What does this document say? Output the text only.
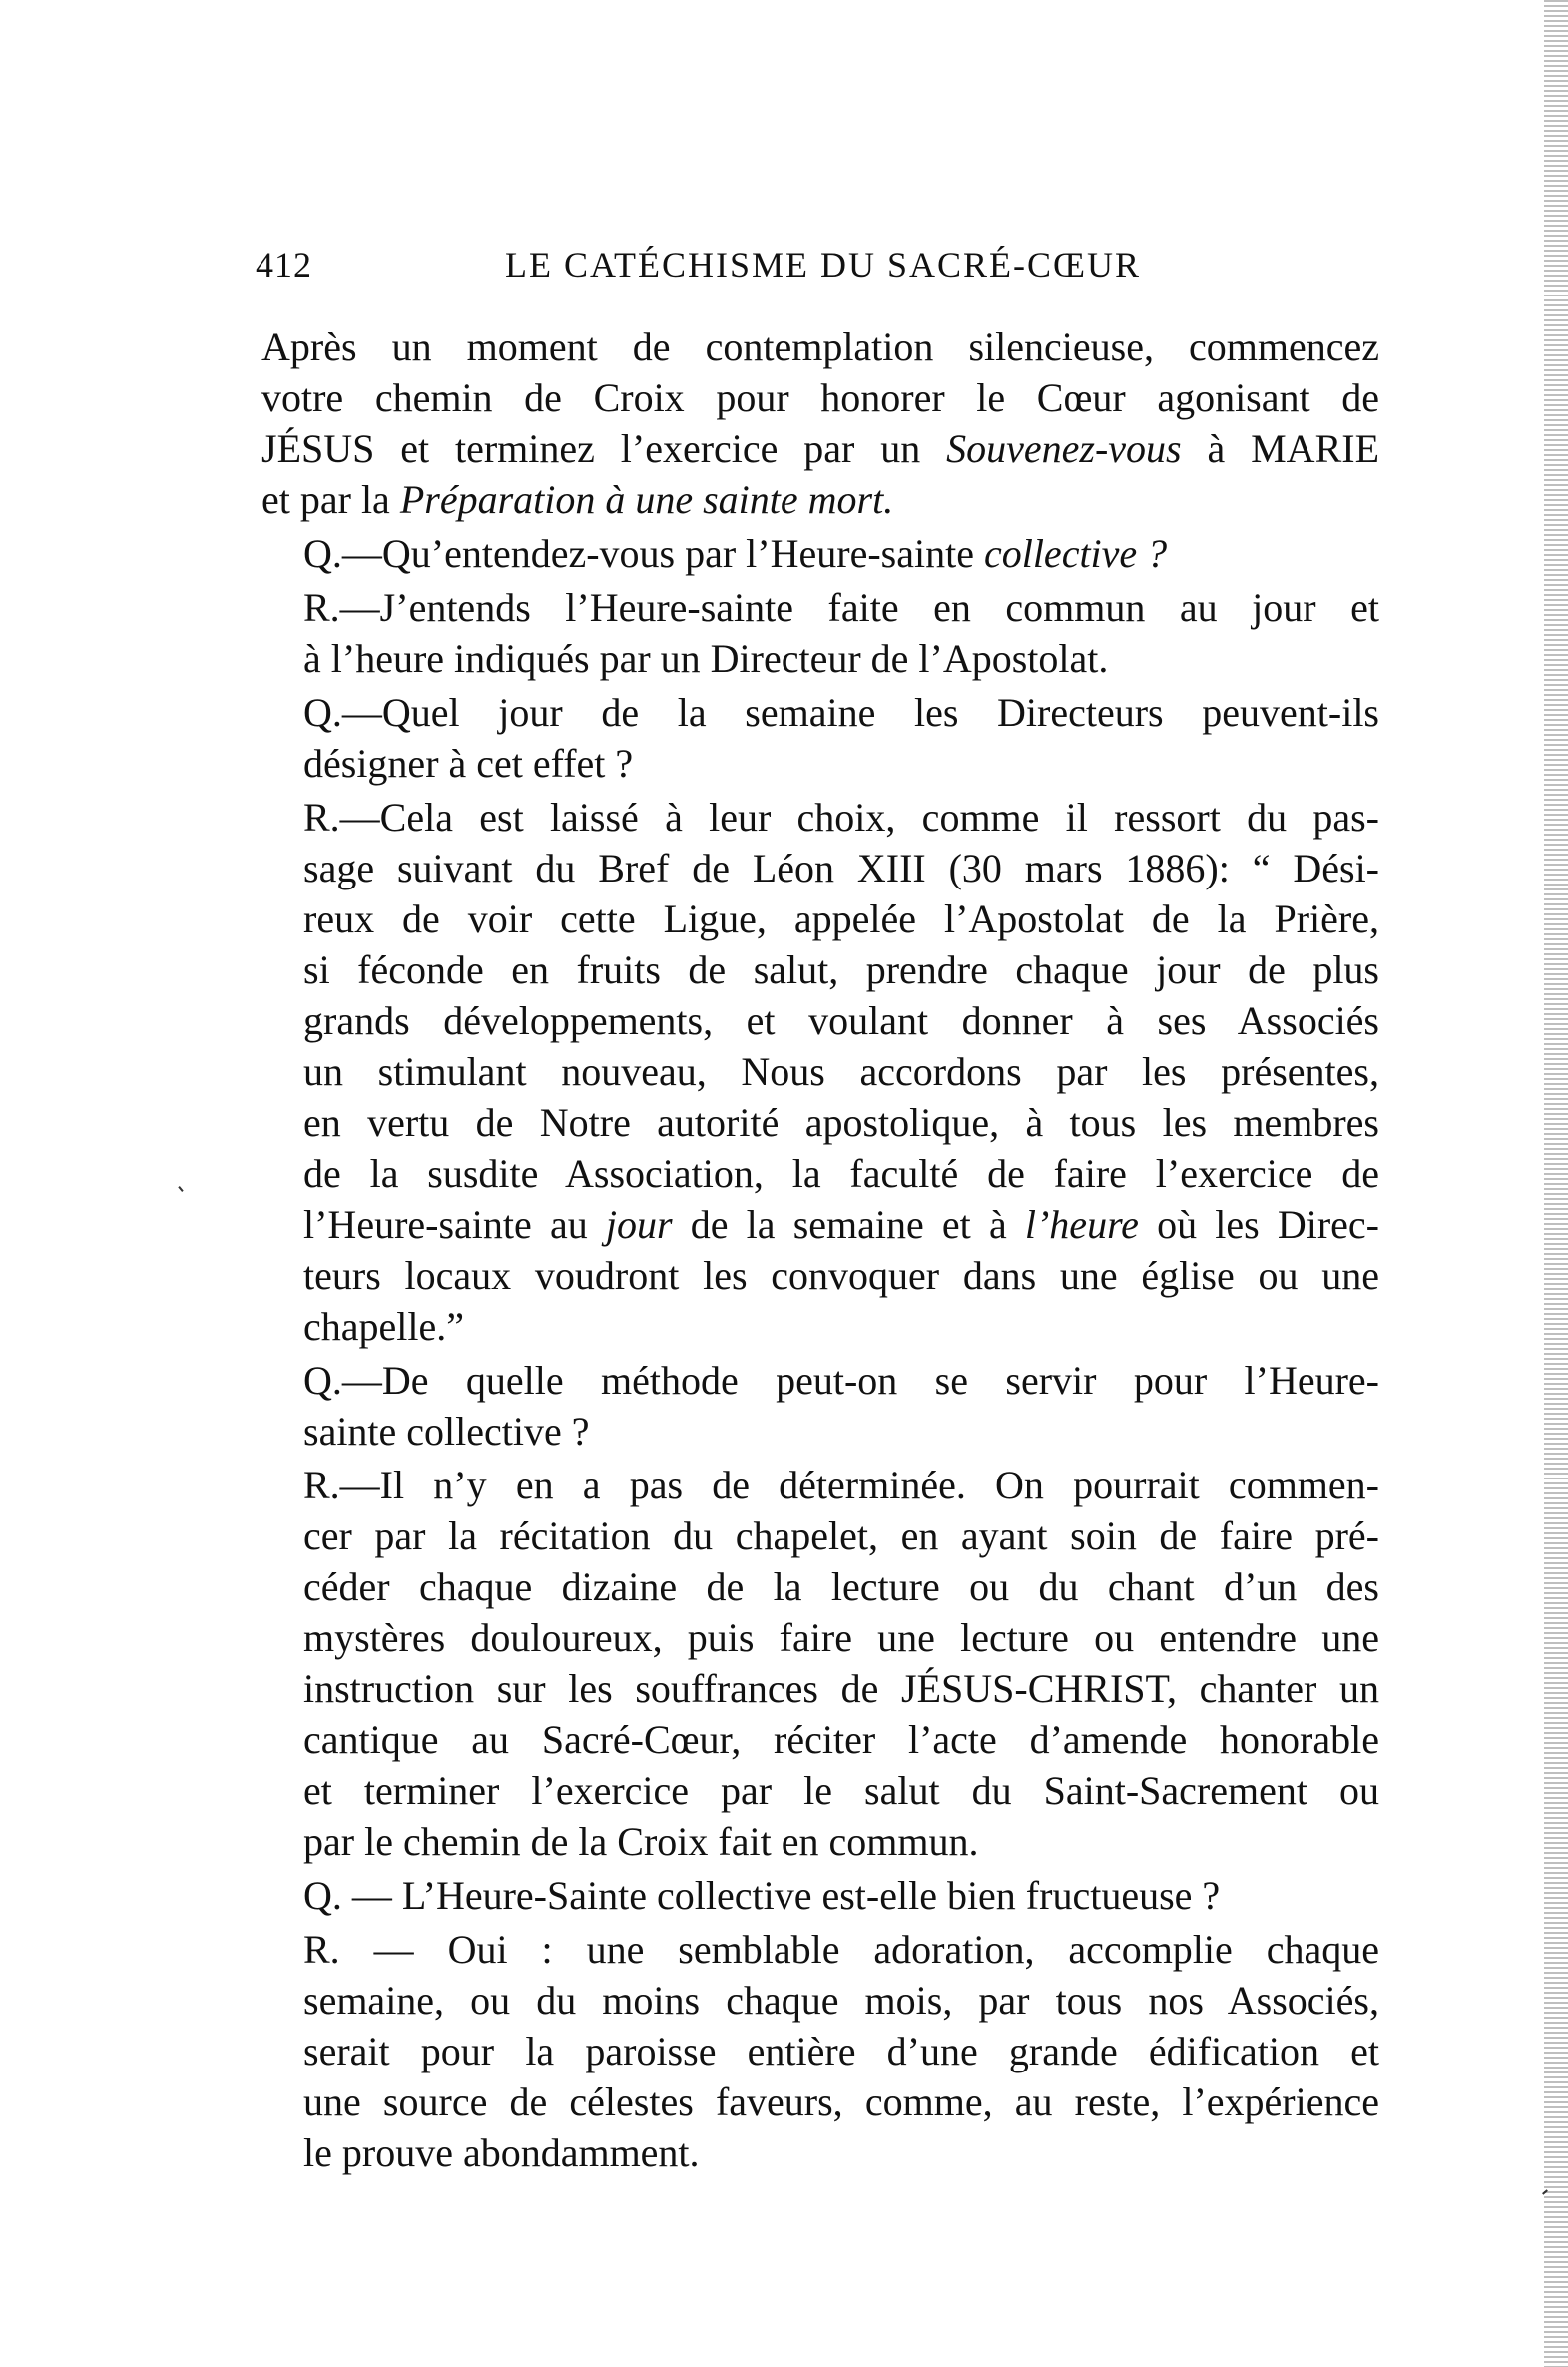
412	LE CATÉCHISME DU SACRÉ-CŒUR

Après un moment de contemplation silencieuse, commencez
votre chemin de Croix pour honorer le Cœur agonisant de
JÉSUS et terminez l’exercice par un Souvenez-vous à MARIE
et par la Préparation à une sainte mort.

Q.—Qu’entendez-vous par l’Heure-sainte collective ?

R.—J’entends l’Heure-sainte faite en commun au jour et
à l’heure indiqués par un Directeur de l’Apostolat.

Q.—Quel jour de la semaine les Directeurs peuvent-ils
désigner à cet effet ?

R.—Cela est laissé à leur choix, comme il ressort du pas-
sage suivant du Bref de Léon XIII (30 mars 1886): “ Dési-
reux de voir cette Ligue, appelée l’Apostolat de la Prière,
si féconde en fruits de salut, prendre chaque jour de plus
grands développements, et voulant donner à ses Associés
un stimulant nouveau, Nous accordons par les présentes,
en vertu de Notre autorité apostolique, à tous les membres
de la susdite Association, la faculté de faire l’exercice de
l’Heure-sainte au jour de la semaine et à l’heure où les Direc-
teurs locaux voudront les convoquer dans une église ou une
chapelle.”

Q.—De quelle méthode peut-on se servir pour l’Heure-
sainte collective ?

R.—Il n’y en a pas de déterminée. On pourrait commen-
cer par la récitation du chapelet, en ayant soin de faire pré-
céder chaque dizaine de la lecture ou du chant d’un des
mystères douloureux, puis faire une lecture ou entendre une
instruction sur les souffrances de JÉSUS-CHRIST, chanter un
cantique au Sacré-Cœur, réciter l’acte d’amende honorable
et terminer l’exercice par le salut du Saint-Sacrement ou
par le chemin de la Croix fait en commun.

Q. — L’Heure-Sainte collective est-elle bien fructueuse ?

R. — Oui : une semblable adoration, accomplie chaque
semaine, ou du moins chaque mois, par tous nos Associés,
serait pour la paroisse entière d’une grande édification et
une source de célestes faveurs, comme, au reste, l’expérience
le prouve abondamment.
